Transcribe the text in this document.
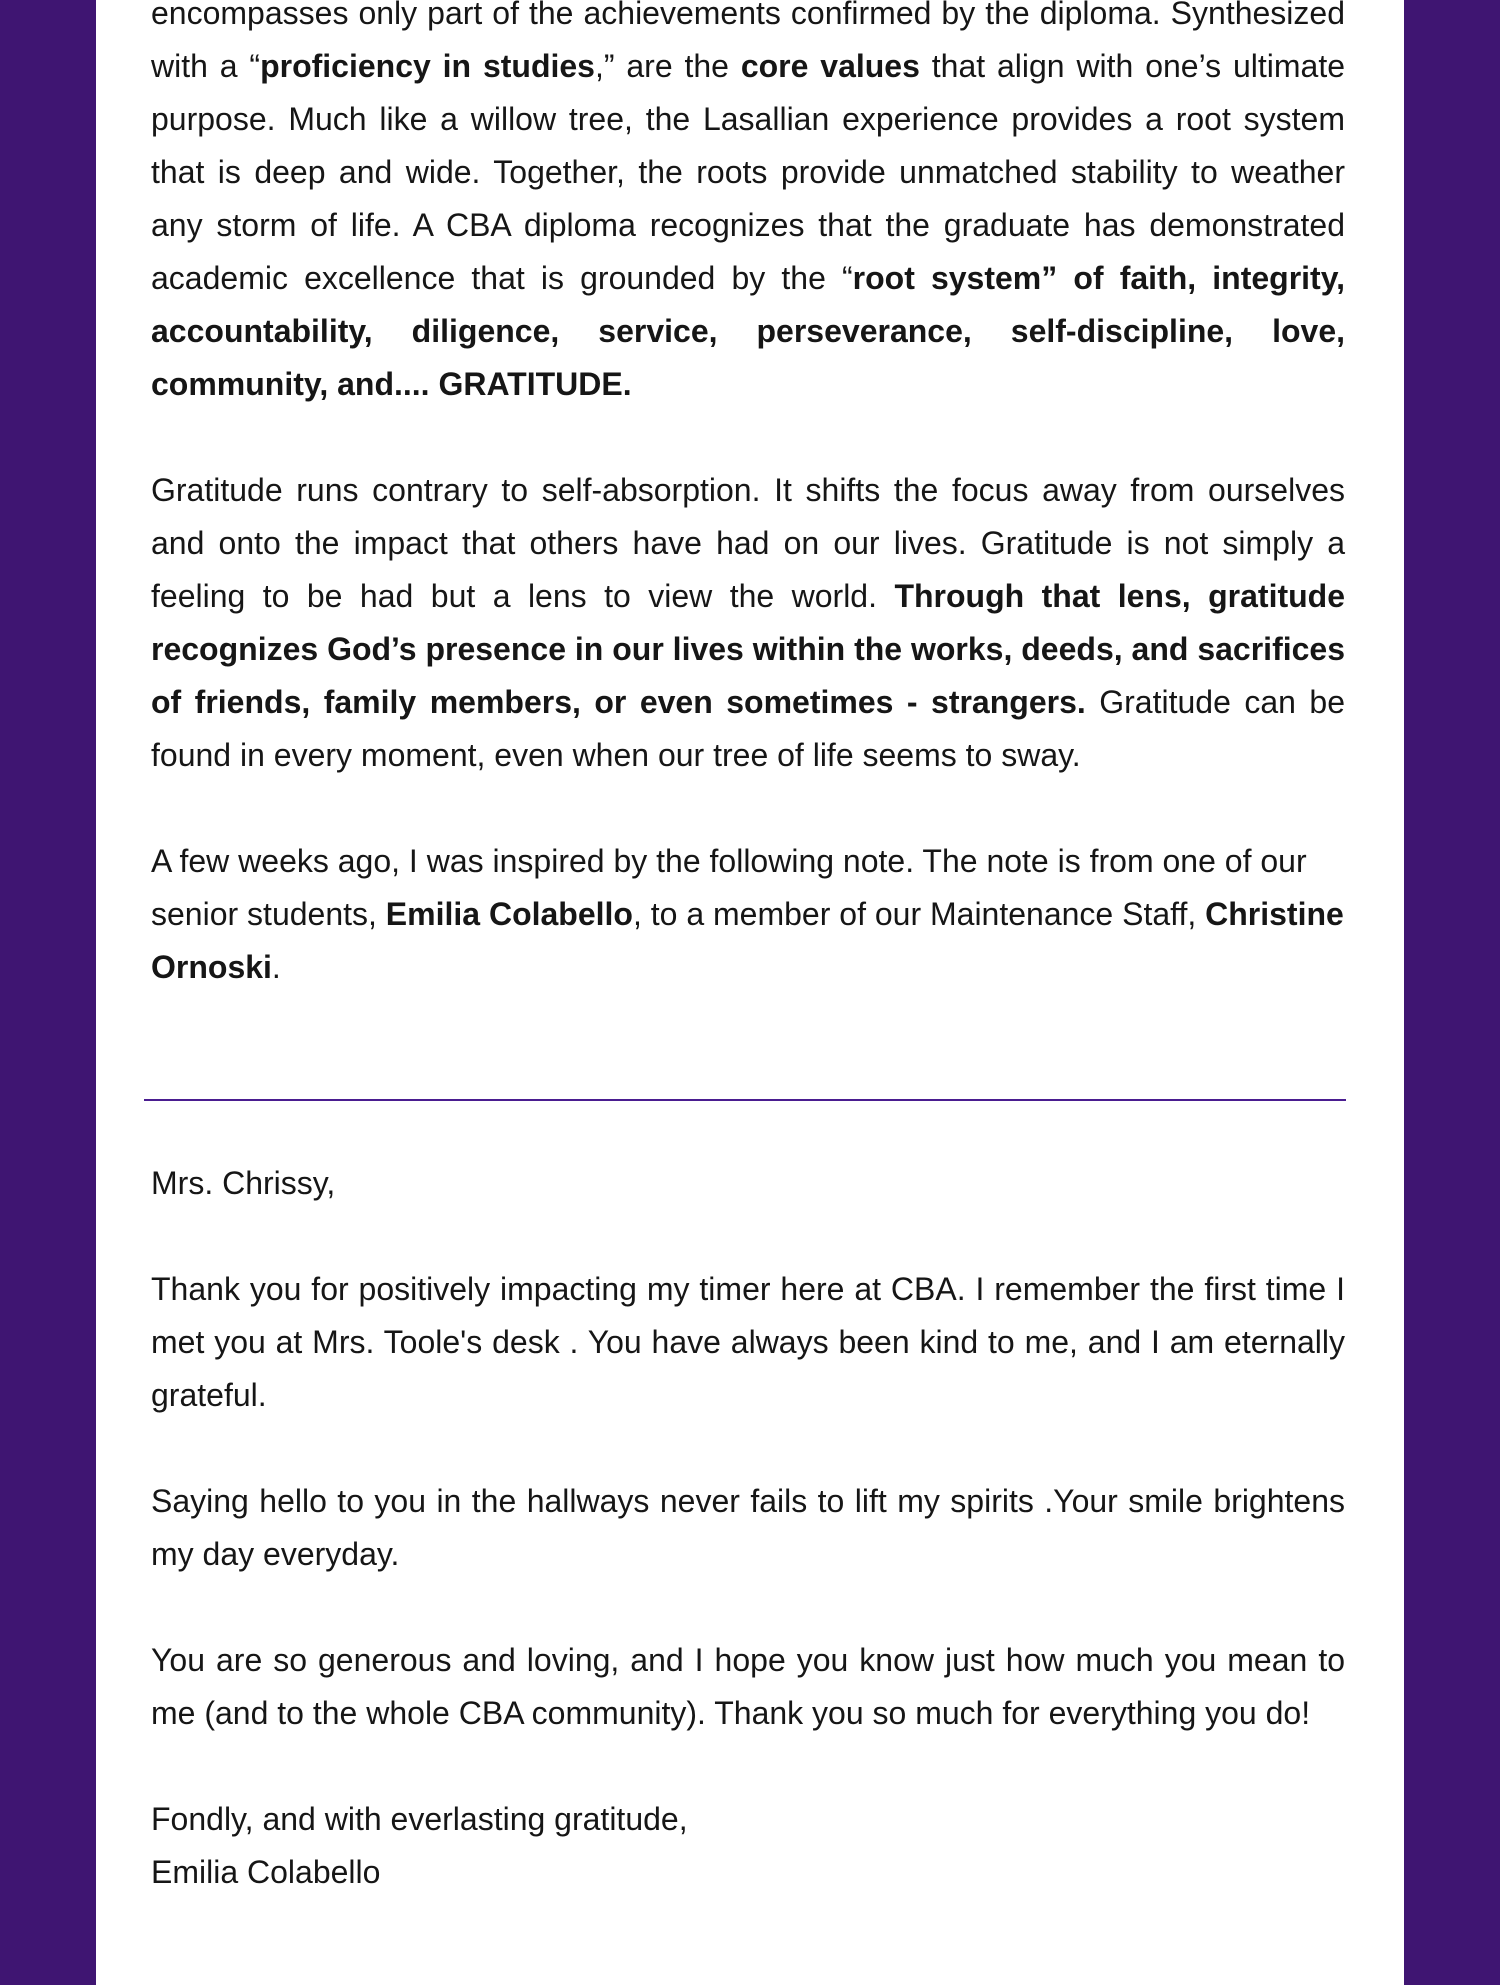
encompasses only part of the achievements confirmed by the diploma. Synthesized with a “proficiency in studies,” are the core values that align with one’s ultimate purpose. Much like a willow tree, the Lasallian experience provides a root system that is deep and wide. Together, the roots provide unmatched stability to weather any storm of life. A CBA diploma recognizes that the graduate has demonstrated academic excellence that is grounded by the “root system” of faith, integrity, accountability, diligence, service, perseverance, self-discipline, love, community, and.... GRATITUDE.

Gratitude runs contrary to self-absorption. It shifts the focus away from ourselves and onto the impact that others have had on our lives. Gratitude is not simply a feeling to be had but a lens to view the world. Through that lens, gratitude recognizes God’s presence in our lives within the works, deeds, and sacrifices of friends, family members, or even sometimes - strangers. Gratitude can be found in every moment, even when our tree of life seems to sway.

A few weeks ago, I was inspired by the following note. The note is from one of our senior students, Emilia Colabello, to a member of our Maintenance Staff, Christine Ornoski.

Mrs. Chrissy,

Thank you for positively impacting my timer here at CBA. I remember the first time I met you at Mrs. Toole's desk . You have always been kind to me, and I am eternally grateful.

Saying hello to you in the hallways never fails to lift my spirits .Your smile brightens my day everyday.

You are so generous and loving, and I hope you know just how much you mean to me (and to the whole CBA community). Thank you so much for everything you do!

Fondly, and with everlasting gratitude,

Emilia Colabello
